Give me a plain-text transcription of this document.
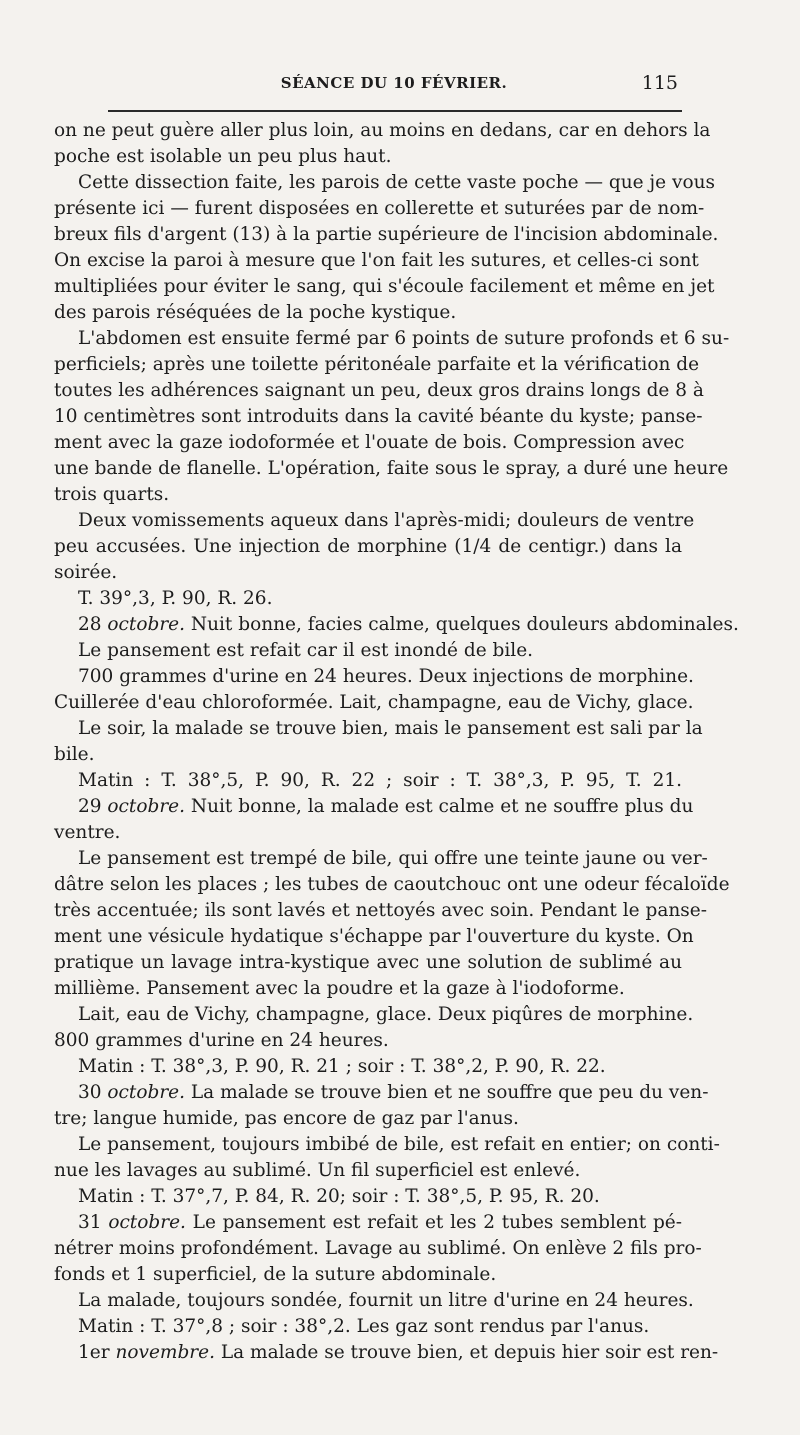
SÉANCE DU 10 FÉVRIER.	115
on ne peut guère aller plus loin, au moins en dedans, car en dehors la
poche est isolable un peu plus haut.
Cette dissection faite, les parois de cette vaste poche — que je vous
présente ici — furent disposées en collerette et suturées par de nom-
breux fils d'argent (13) à la partie supérieure de l'incision abdominale.
On excise la paroi à mesure que l'on fait les sutures, et celles-ci sont
multipliées pour éviter le sang, qui s'écoule facilement et même en jet
des parois réséquées de la poche kystique.
L'abdomen est ensuite fermé par 6 points de suture profonds et 6 su-
perficiels; après une toilette péritonéale parfaite et la vérification de
toutes les adhérences saignant un peu, deux gros drains longs de 8 à
10 centimètres sont introduits dans la cavité béante du kyste; panse-
ment avec la gaze iodoformée et l'ouate de bois. Compression avec
une bande de flanelle. L'opération, faite sous le spray, a duré une heure
trois quarts.
Deux vomissements aqueux dans l'après-midi; douleurs de ventre
peu accusées. Une injection de morphine (1/4 de centigr.) dans la
soirée.
T. 39°,3, P. 90, R. 26.
28 octobre. Nuit bonne, facies calme, quelques douleurs abdominales.
Le pansement est refait car il est inondé de bile.
700 grammes d'urine en 24 heures. Deux injections de morphine.
Cuillerée d'eau chloroformée. Lait, champagne, eau de Vichy, glace.
Le soir, la malade se trouve bien, mais le pansement est sali par la
bile.
Matin : T. 38°,5, P. 90, R. 22 ; soir : T. 38°,3, P. 95, T. 21.
29 octobre. Nuit bonne, la malade est calme et ne souffre plus du
ventre.
Le pansement est trempé de bile, qui offre une teinte jaune ou ver-
dâtre selon les places ; les tubes de caoutchouc ont une odeur fécaloïde
très accentuée; ils sont lavés et nettoyés avec soin. Pendant le panse-
ment une vésicule hydatique s'échappe par l'ouverture du kyste. On
pratique un lavage intra-kystique avec une solution de sublimé au
millième. Pansement avec la poudre et la gaze à l'iodoforme.
Lait, eau de Vichy, champagne, glace. Deux piqûres de morphine.
800 grammes d'urine en 24 heures.
Matin : T. 38°,3, P. 90, R. 21 ; soir : T. 38°,2, P. 90, R. 22.
30 octobre. La malade se trouve bien et ne souffre que peu du ven-
tre; langue humide, pas encore de gaz par l'anus.
Le pansement, toujours imbibé de bile, est refait en entier; on conti-
nue les lavages au sublimé. Un fil superficiel est enlevé.
Matin : T. 37°,7, P. 84, R. 20; soir : T. 38°,5, P. 95, R. 20.
31 octobre. Le pansement est refait et les 2 tubes semblent pé-
nétrer moins profondément. Lavage au sublimé. On enlève 2 fils pro-
fonds et 1 superficiel, de la suture abdominale.
La malade, toujours sondée, fournit un litre d'urine en 24 heures.
Matin : T. 37°,8 ; soir : 38°,2. Les gaz sont rendus par l'anus.
1er novembre. La malade se trouve bien, et depuis hier soir est ren-
